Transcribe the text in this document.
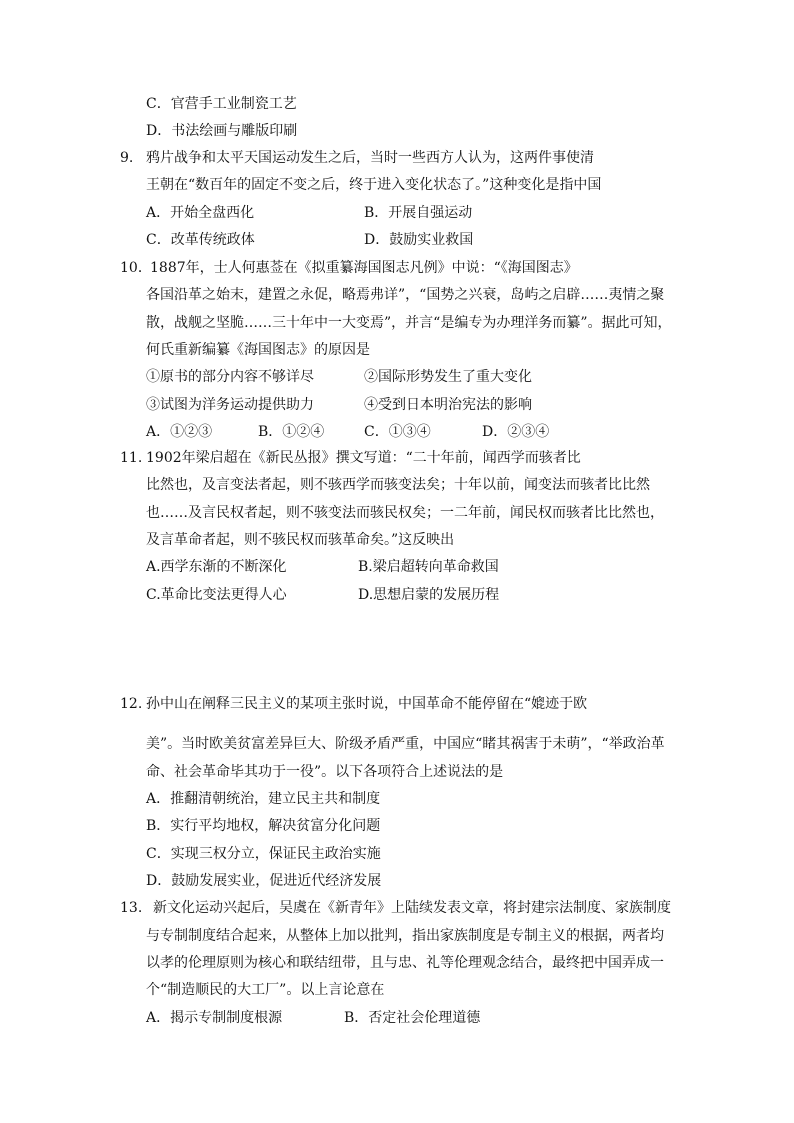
C．官营手工业制瓷工艺
D．书法绘画与雕版印刷
9. 鸦片战争和太平天国运动发生之后，当时一些西方人认为，这两件事使清
王朝在“数百年的固定不变之后，终于进入变化状态了。”这种变化是指中国
A．开始全盘西化	B．开展自强运动
C．改革传统政体	D．鼓励实业救国
10．
1887年，士人何惠莶在《拟重纂海国图志凡例》中说：“《海国图志》
各国沿革之始末，建置之永促，略焉弗详”，“国势之兴衰，岛屿之启辟……夷情之聚
散，战舰之坚脆……三十年中一大变焉”，并言“是编专为办理洋务而纂”。据此可知，
何氏重新编纂《海国图志》的原因是
①原书的部分内容不够详尽	②国际形势发生了重大变化
③试图为洋务运动提供助力	④受到日本明治宪法的影响
A．①②③	B．①②④	C．①③④	D．②③④
11. 1902年梁启超在《新民丛报》撰文写道：“二十年前，闻西学而骇者比
比然也，及言变法者起，则不骇西学而骇变法矣；十年以前，闻变法而骇者比比然
也……及言民权者起，则不骇变法而骇民权矣；一二年前，闻民权而骇者比比然也，
及言革命者起，则不骇民权而骇革命矣。”这反映出
A.西学东渐的不断深化	B.梁启超转向革命救国
C.革命比变法更得人心	D.思想启蒙的发展历程
12. 孙中山在阐释三民主义的某项主张时说，中国革命不能停留在“媲迹于欧
美”。当时欧美贫富差异巨大、阶级矛盾严重，中国应“睹其祸害于未萌”，“举政治革
命、社会革命毕其功于一役”。以下各项符合上述说法的是
A．推翻清朝统治，建立民主共和制度
B．实行平均地权，解决贫富分化问题
C．实现三权分立，保证民主政治实施
D．鼓励发展实业，促进近代经济发展
13. 新文化运动兴起后，吴虞在《新青年》上陆续发表文章，将封建宗法制度、家族制度
与专制制度结合起来，从整体上加以批判，指出家族制度是专制主义的根据，两者均
以孝的伦理原则为核心和联结纽带，且与忠、礼等伦理观念结合，最终把中国弄成一
个“制造顺民的大工厂”。以上言论意在
A．揭示专制制度根源	B．否定社会伦理道德
